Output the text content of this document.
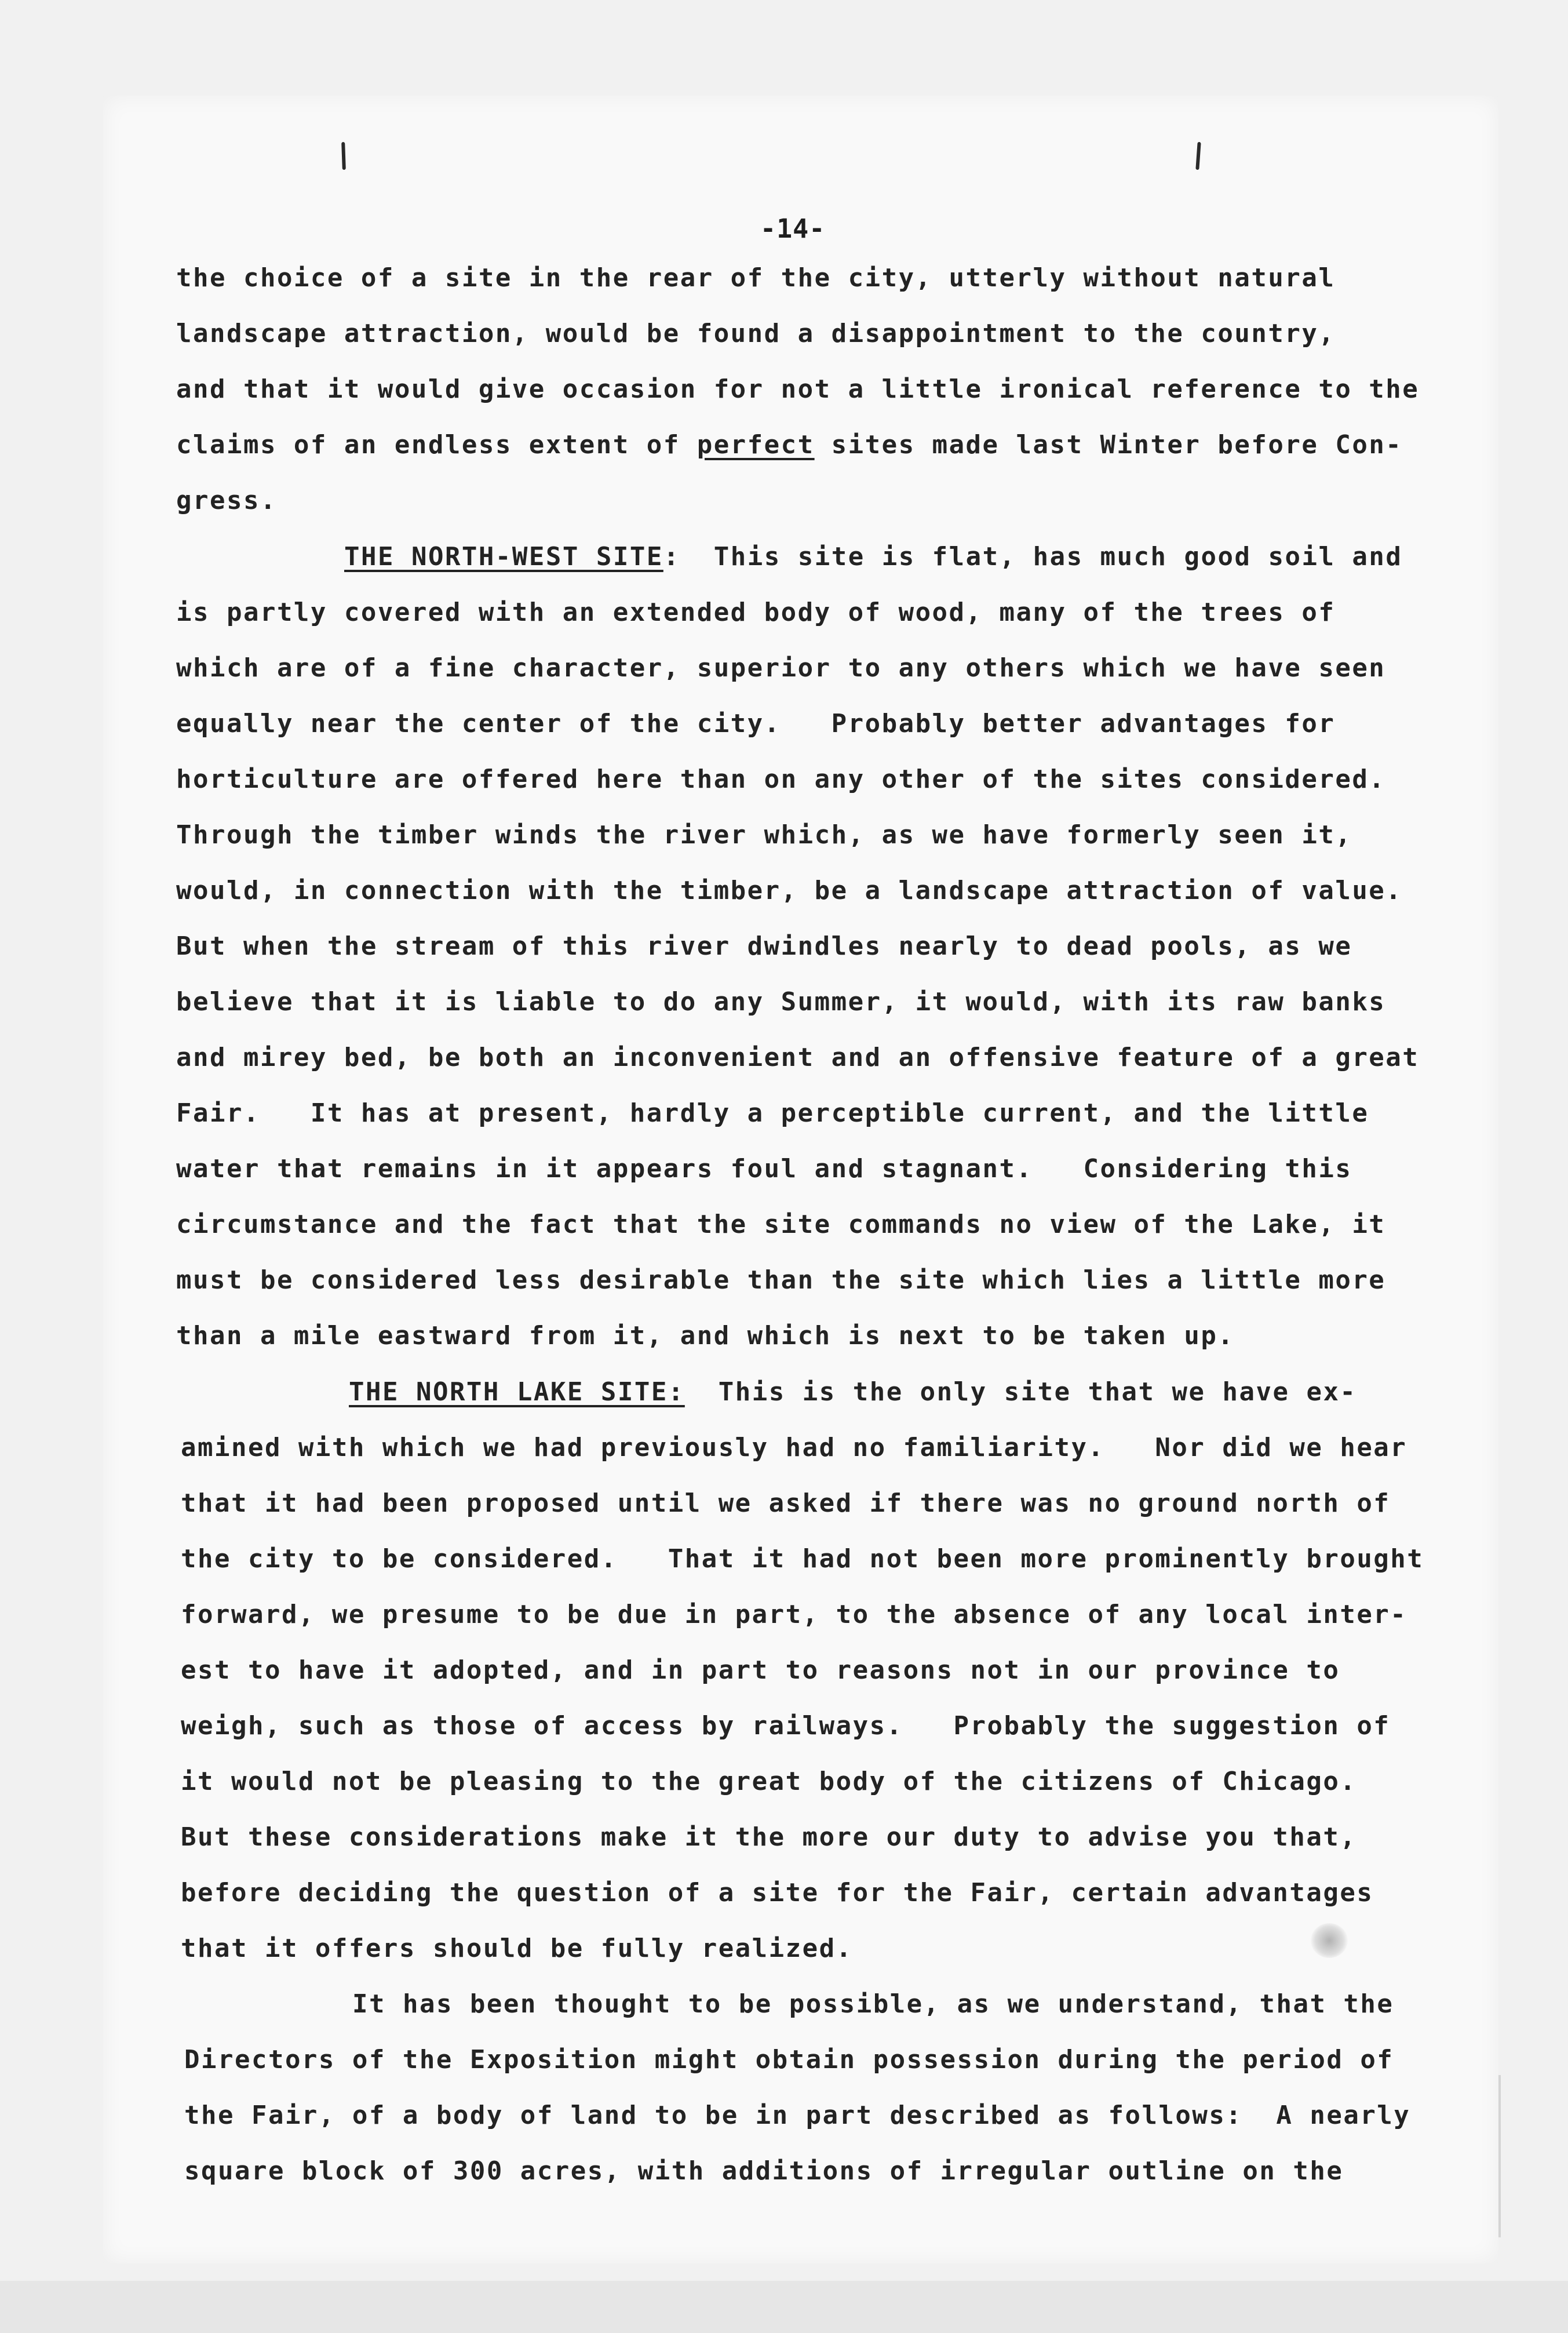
-14-
the choice of a site in the rear of the city, utterly without natural
landscape attraction, would be found a disappointment to the country,
and that it would give occasion for not a little ironical reference to the
claims of an endless extent of perfect sites made last Winter before Con-
gress.
THE NORTH-WEST SITE:  This site is flat, has much good soil and
is partly covered with an extended body of wood, many of the trees of
which are of a fine character, superior to any others which we have seen
equally near the center of the city.   Probably better advantages for
horticulture are offered here than on any other of the sites considered.
Through the timber winds the river which, as we have formerly seen it,
would, in connection with the timber, be a landscape attraction of value.
But when the stream of this river dwindles nearly to dead pools, as we
believe that it is liable to do any Summer, it would, with its raw banks
and mirey bed, be both an inconvenient and an offensive feature of a great
Fair.   It has at present, hardly a perceptible current, and the little
water that remains in it appears foul and stagnant.   Considering this
circumstance and the fact that the site commands no view of the Lake, it
must be considered less desirable than the site which lies a little more
than a mile eastward from it, and which is next to be taken up.
THE NORTH LAKE SITE:  This is the only site that we have ex-
amined with which we had previously had no familiarity.   Nor did we hear
that it had been proposed until we asked if there was no ground north of
the city to be considered.   That it had not been more prominently brought
forward, we presume to be due in part, to the absence of any local inter-
est to have it adopted, and in part to reasons not in our province to
weigh, such as those of access by railways.   Probably the suggestion of
it would not be pleasing to the great body of the citizens of Chicago.
But these considerations make it the more our duty to advise you that,
before deciding the question of a site for the Fair, certain advantages
that it offers should be fully realized.
It has been thought to be possible, as we understand, that the
Directors of the Exposition might obtain possession during the period of
the Fair, of a body of land to be in part described as follows:  A nearly
square block of 300 acres, with additions of irregular outline on the
